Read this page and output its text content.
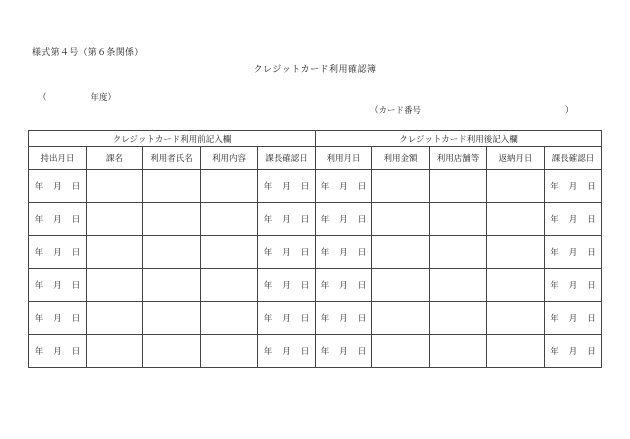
様式第４号（第６条関係）
クレジットカード利用確認簿
（	年度）
（カード番号	）
クレジットカード利用前記入欄					クレジットカード利用後記入欄				
持出月日	課名	利用者氏名	利用内容	課長確認日	利用月日	利用金額	利用店舗等	返納月日	課長確認日
年 月 日				年 月 日	年 月 日				年 月 日
年 月 日				年 月 日	年 月 日				年 月 日
年 月 日				年 月 日	年 月 日				年 月 日
年 月 日				年 月 日	年 月 日				年 月 日
年 月 日				年 月 日	年 月 日				年 月 日
年 月 日				年 月 日	年 月 日				年 月 日
